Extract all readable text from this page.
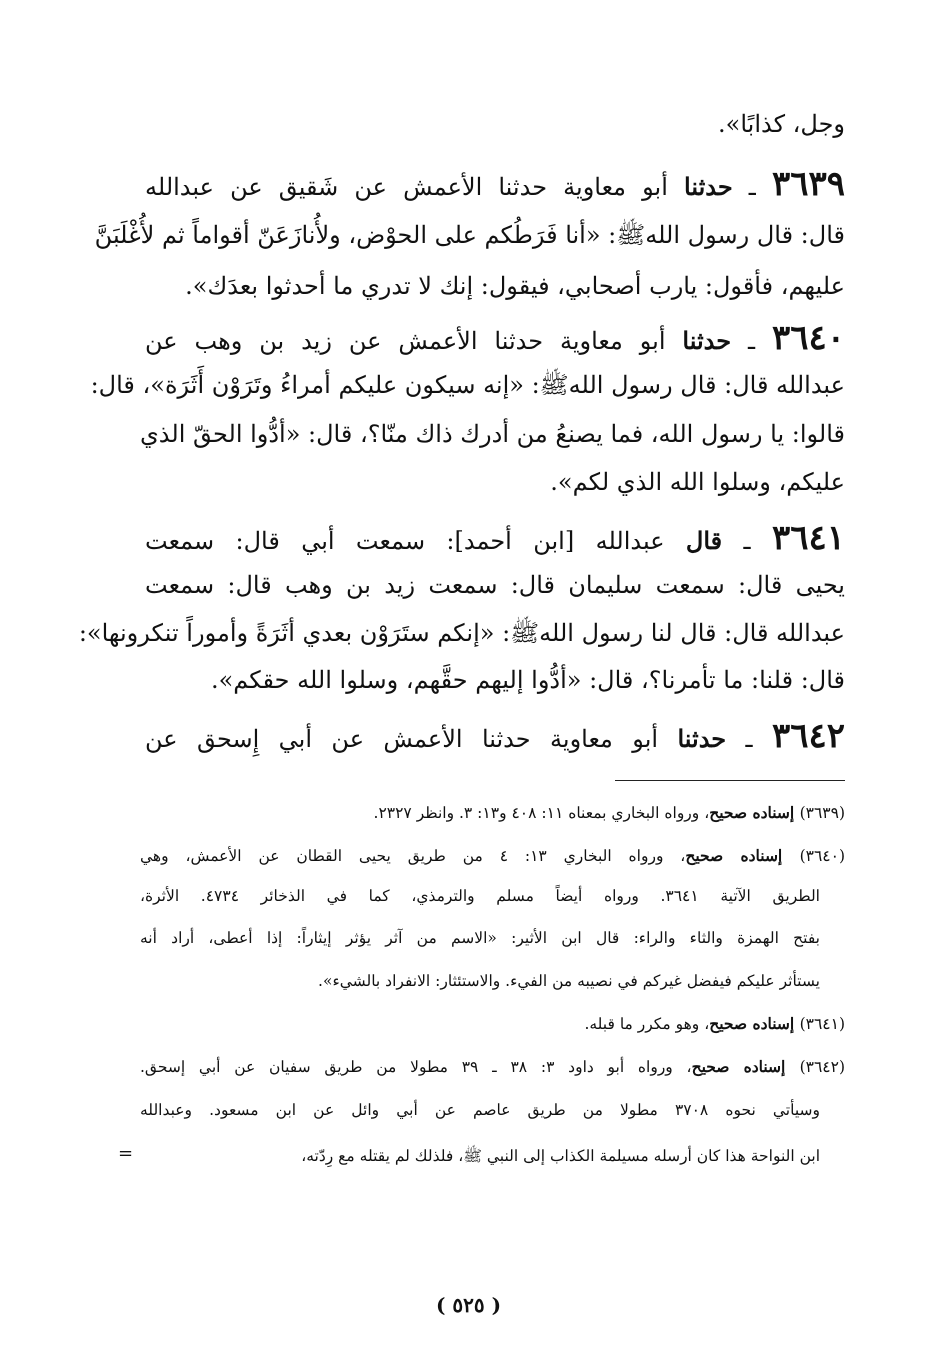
وجل، كذابًا».
٣٦٣٩ ـ حدثنا أبو معاوية حدثنا الأعمش عن شَقيق عن عبدالله
قال: قال رسول اللهﷺ: «أنا فَرَطُكم على الحوْض، ولأُنازَعَنّ أقواماً ثم لأُغْلَبَنَّ
عليهم، فأقول: يارب أصحابي، فيقول: إنك لا تدري ما أحدثوا بعدَك».
٣٦٤٠ ـ حدثنا أبو معاوية حدثنا الأعمش عن زيد بن وهب عن
عبدالله قال: قال رسول اللهﷺ: «إنه سيكون عليكم أمراءُ وتَرَوْن أَثَرَة»، قال:
قالوا: يا رسول الله، فما يصنعُ من أدرك ذاك منّا؟، قال: «أدُّوا الحقّ الذي
عليكم، وسلوا الله الذي لكم».
٣٦٤١ ـ قال عبدالله [ابن أحمد]: سمعت أبي قال: سمعت
يحيى قال: سمعت سليمان قال: سمعت زيد بن وهب قال: سمعت
عبدالله قال: قال لنا رسول اللهﷺ: «إنكم ستَرَوْن بعدي أثَرَةً وأموراً تنكرونها»:
قال: قلنا: ما تأمرنا؟، قال: «أدُّوا إليهم حقَّهم، وسلوا الله حقكم».
٣٦٤٢ ـ حدثنا أبو معاوية حدثنا الأعمش عن أبي إِسحق عن
(٣٦٣٩) إسناده صحيح، ورواه البخاري بمعناه ١١: ٤٠٨ و١٣: ٣. وانظر ٢٣٢٧.
(٣٦٤٠) إسناده صحيح، ورواه البخاري ١٣: ٤ من طريق يحيى القطان عن الأعمش، وهي
الطريق الآتية ٣٦٤١. ورواه أيضاً مسلم والترمذي، كما في الذخائر ٤٧٣٤. الأثرة،
بفتح الهمزة والثاء والراء: قال ابن الأثير: «الاسم من آثر يؤثر إيثاراً: إذا أعطى، أراد أنه
يستأثر عليكم فيفضل غيركم في نصيبه من الفيء. والاستئثار: الانفراد بالشيء».
(٣٦٤١) إسناده صحيح، وهو مكرر ما قبله.
(٣٦٤٢) إسناده صحيح، ورواه أبو داود ٣: ٣٨ ـ ٣٩ مطولا من طريق سفيان عن أبي إسحق.
وسيأتي نحوه ٣٧٠٨ مطولا من طريق عاصم عن أبي وائل عن ابن مسعود. وعبدالله
ابن النواحة هذا كان أرسله مسيلمة الكذاب إلى النبي ﷺ، فلذلك لم يقتله مع رِدّته،
=
( ٥٢٥ )
